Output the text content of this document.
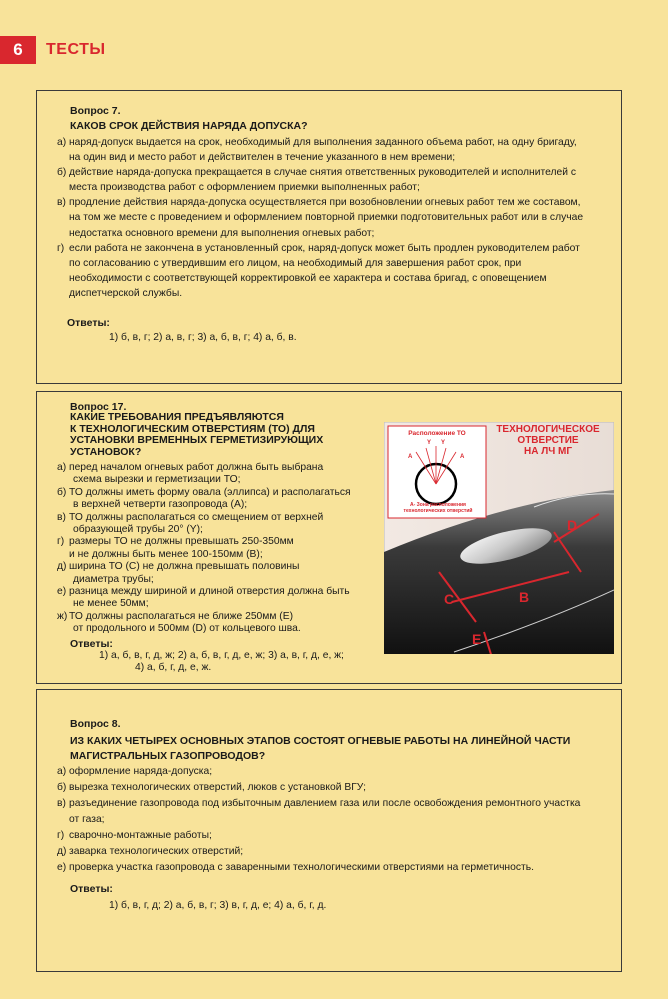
6	ТЕСТЫ
Вопрос 7.
КАКОВ СРОК ДЕЙСТВИЯ НАРЯДА ДОПУСКА?
а) наряд-допуск выдается на срок, необходимый для выполнения заданного объема работ, на одну бригаду,
на один вид и место работ и действителен в течение указанного в нем времени;
б) действие наряда-допуска прекращается в случае снятия ответственных руководителей и исполнителей с
места производства работ с оформлением приемки выполненных работ;
в) продление действия наряда-допуска осуществляется при возобновлении огневых работ тем же составом,
на том же месте с проведением и оформлением повторной приемки подготовительных работ или в случае
недостатка основного времени для выполнения огневых работ;
г) если работа не закончена в установленный срок, наряд-допуск может быть продлен руководителем работ
по согласованию с утвердившим его лицом, на необходимый для завершения работ срок, при
необходимости с соответствующей корректировкой ее характера и состава бригад, с оповещением
диспетчерской службы.
Ответы:
1) б, в, г; 2) а, в, г; 3) а, б, в, г; 4) а, б, в.
Вопрос 17.
КАКИЕ ТРЕБОВАНИЯ ПРЕДЪЯВЛЯЮТСЯ
К ТЕХНОЛОГИЧЕСКИМ ОТВЕРСТИЯМ (ТО) ДЛЯ
УСТАНОВКИ ВРЕМЕННЫХ ГЕРМЕТИЗИРУЮЩИХ
УСТАНОВОК?
а) перед началом огневых работ должна быть выбрана
схема вырезки и герметизации ТО;
б) ТО должны иметь форму овала (эллипса) и располагаться
в верхней четверти газопровода (А);
в) ТО должны располагаться со смещением от верхней
образующей трубы 20° (Y);
г) размеры ТО не должны превышать 250-350мм
и не должны быть менее 100-150мм (В);
д) ширина ТО (С) не должна превышать половины
диаметра трубы;
е) разница между шириной и длиной отверстия должна быть
не менее 50мм;
ж) ТО должны располагаться не ближе 250мм (Е)
от продольного и 500мм (D) от кольцевого шва.
Ответы:
1) а, б, в, г, д, ж; 2) а, б, в, г, д, е, ж; 3) а, в, г, д, е, ж;
4) а, б, г, д, е, ж.
C	B
E
D
А	А
Y Y
Расположение ТО
А- Зона расположения
технологических отверстий
ТЕХНОЛОГИЧЕСКОЕ
ОТВЕРСТИЕ
НА ЛЧ МГ
Вопрос 8.
ИЗ КАКИХ ЧЕТЫРЕХ ОСНОВНЫХ ЭТАПОВ СОСТОЯТ ОГНЕВЫЕ РАБОТЫ НА ЛИНЕЙНОЙ ЧАСТИ
МАГИСТРАЛЬНЫХ ГАЗОПРОВОДОВ?
а) оформление наряда-допуска;
б) вырезка технологических отверстий, люков с установкой ВГУ;
в) разъединение газопровода под избыточным давлением газа или после освобождения ремонтного участка
от газа;
г) сварочно-монтажные работы;
д) заварка технологических отверстий;
е) проверка участка газопровода с заваренными технологическими отверстиями на герметичность.
Ответы:
1) б, в, г, д; 2) а, б, в, г; 3) в, г, д, е; 4) а, б, г, д.
